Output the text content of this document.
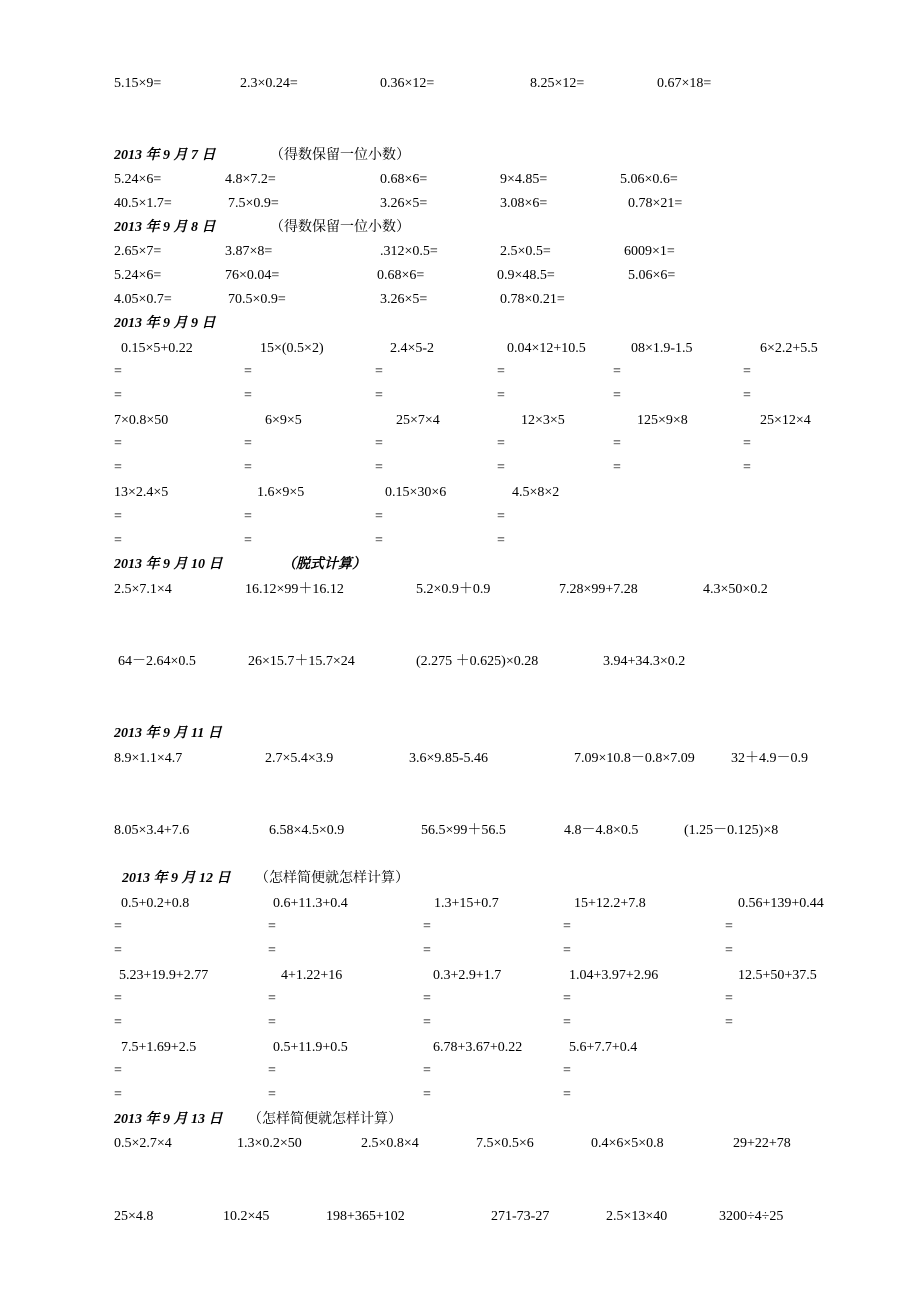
5.15×9=	2.3×0.24=	0.36×12=	8.25×12=	0.67×18=
2013 年 9 月 7 日	（得数保留一位小数）
5.24×6=	4.8×7.2=	0.68×6=	9×4.85=	5.06×0.6=
40.5×1.7=	7.5×0.9=	3.26×5=	3.08×6=	0.78×21=
2013 年 9 月 8 日	（得数保留一位小数）
2.65×7=	3.87×8=	.312×0.5=	2.5×0.5=	6009×1=
5.24×6=	76×0.04=	0.68×6=	0.9×48.5=	5.06×6=
4.05×0.7=	70.5×0.9=	3.26×5=	0.78×0.21=
2013 年 9 月 9 日
0.15×5+0.22	15×(0.5×2)	2.4×5-2	0.04×12+10.5	08×1.9-1.5	6×2.2+5.5
=	=	=	=	=	=
=	=	=	=	=	=
7×0.8×50	6×9×5	25×7×4	12×3×5	125×9×8	25×12×4
=	=	=	=	=	=
=	=	=	=	=	=
13×2.4×5	1.6×9×5	0.15×30×6	4.5×8×2
=	=	=	=
=	=	=	=
2013 年 9 月 10 日	（脱式计算）
2.5×7.1×4	16.12×99＋16.12	5.2×0.9＋0.9	7.28×99+7.28	4.3×50×0.2
64－2.64×0.5	26×15.7＋15.7×24	(2.275 ＋0.625)×0.28	3.94+34.3×0.2
2013 年 9 月 11 日
8.9×1.1×4.7	2.7×5.4×3.9	3.6×9.85-5.46	7.09×10.8－0.8×7.09	32＋4.9－0.9
8.05×3.4+7.6	6.58×4.5×0.9	56.5×99＋56.5	4.8－4.8×0.5	(1.25－0.125)×8
2013 年 9 月 12 日 （怎样简便就怎样计算）
0.5+0.2+0.8	0.6+11.3+0.4	1.3+15+0.7	15+12.2+7.8	0.56+139+0.44
=	=	=	=	=
=	=	=	=	=
5.23+19.9+2.77	4+1.22+16	0.3+2.9+1.7	1.04+3.97+2.96	12.5+50+37.5
=	=	=	=	=
=	=	=	=	=
7.5+1.69+2.5	0.5+11.9+0.5	6.78+3.67+0.22	5.6+7.7+0.4
=	=	=	=
=	=	=	=
2013 年 9 月 13 日 （怎样简便就怎样计算）
0.5×2.7×4	1.3×0.2×50	2.5×0.8×4	7.5×0.5×6	0.4×6×5×0.8	29+22+78
25×4.8	10.2×45	198+365+102	271-73-27	2.5×13×40	3200÷4÷25
